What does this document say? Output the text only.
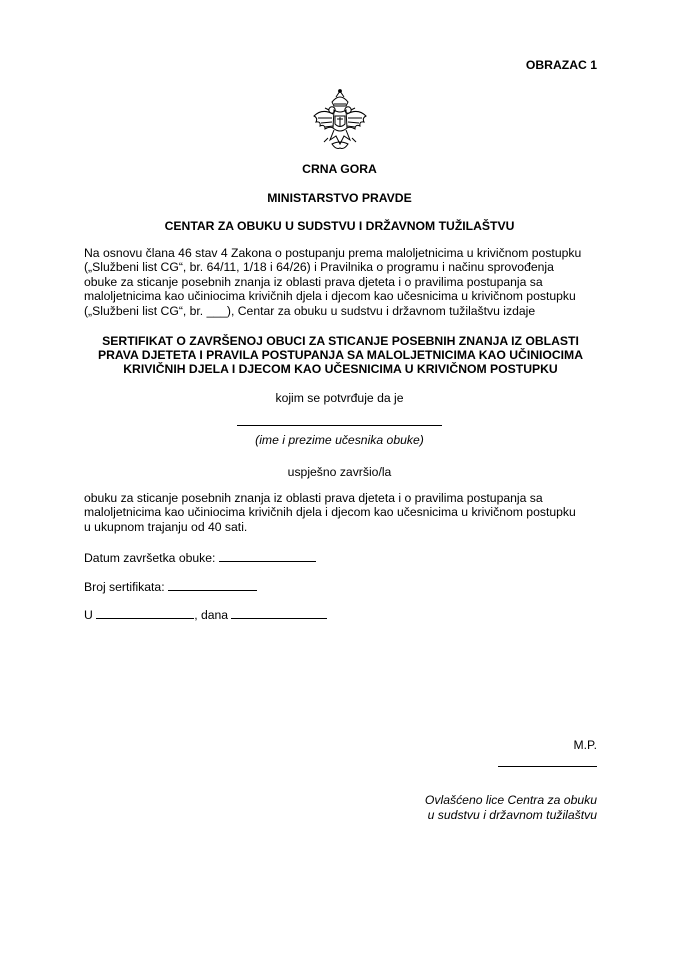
OBRAZAC 1
CRNA GORA
MINISTARSTVO PRAVDE
CENTAR ZA OBUKU U SUDSTVU I DRŽAVNOM TUŽILAŠTVU
Na osnovu člana 46 stav 4 Zakona o postupanju prema maloljetnicima u krivičnom postupku
(„Službeni list CG“, br. 64/11, 1/18 i 64/26) i Pravilnika o programu i načinu sprovođenja
obuke za sticanje posebnih znanja iz oblasti prava djeteta i o pravilima postupanja sa
maloljetnicima kao učiniocima krivičnih djela i djecom kao učesnicima u krivičnom postupku
(„Službeni list CG“, br. ___), Centar za obuku u sudstvu i državnom tužilaštvu izdaje
SERTIFIKAT O ZAVRŠENOJ OBUCI ZA STICANJE POSEBNIH ZNANJA IZ OBLASTI
PRAVA DJETETA I PRAVILA POSTUPANJA SA MALOLJETNICIMA KAO UČINIOCIMA
KRIVIČNIH DJELA I DJECOM KAO UČESNICIMA U KRIVIČNOM POSTUPKU
kojim se potvrđuje da je
(ime i prezime učesnika obuke)
uspješno završio/la
obuku za sticanje posebnih znanja iz oblasti prava djeteta i o pravilima postupanja sa
maloljetnicima kao učiniocima krivičnih djela i djecom kao učesnicima u krivičnom postupku
u ukupnom trajanju od 40 sati.
Datum završetka obuke:
Broj sertifikata:
U	, dana
M.P.
Ovlašćeno lice Centra za obuku
u sudstvu i državnom tužilaštvu
